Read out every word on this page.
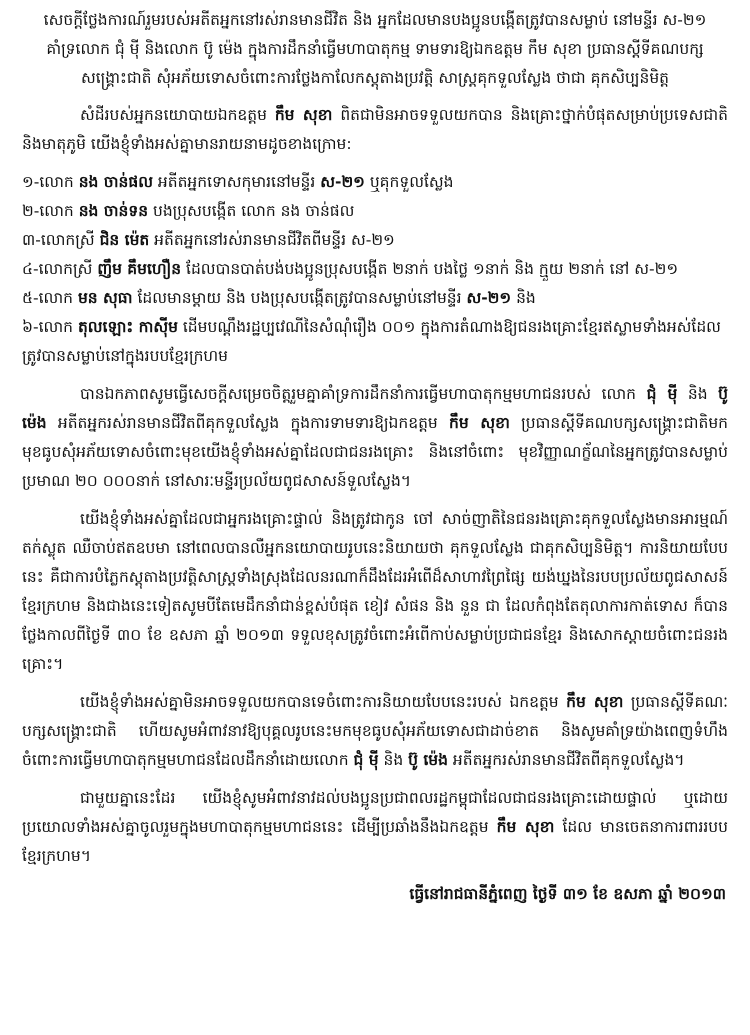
សេចក្តីថ្លែងការណ៍រួមរបស់អតីតអ្នកនៅរស់រានមានជីវិត និង អ្នកដែលមានបងប្អូនបង្កើតត្រូវបានសម្លាប់ នៅមន្ទីរ ស-២១ គាំទ្រលោក ជុំ ម៉ី និងលោក ប៊ូ ម៉េង ក្នុងការដឹកនាំធ្វើមហាបាតុកម្ម ទាមទារឱ្យឯកឧត្តម កឹម សុខា ប្រធានស្តីទីគណបក្សសង្គ្រោះជាតិ សុំអភ័យទោសចំពោះការថ្លែងកាលែកស្តុតាងប្រវត្តិ សាស្ត្រគុកទួលស្លែង ថាជា គុកសិប្បនិមិត្ត

សំដីរបស់អ្នកនយោបាយឯកឧត្តម កឹម សុខា ពិតជាមិនអាចទទួលយកបាន និងគ្រោះថ្នាក់បំផុតសម្រាប់ប្រទេសជាតិ និងមាតុភូមិ យើងខ្ញុំទាំងអស់គ្នាមានរាយនាមដូចខាងក្រោម:

១-លោក នង ចាន់ផល អតីតអ្នកទោសកុមារនៅមន្ទីរ ស-២១ ឬគុកទួលស្លែង

២-លោក នង ចាន់ទន បងប្រុសបង្កើត លោក នង ចាន់ផល

៣-លោកស្រី ជិន ម៉េត អតីតអ្នកនៅរស់រានមានជីវិតពីមន្ទីរ ស-២១

៤-លោកស្រី ញឹម គឹមហឿន ដែលបានបាត់បង់បងប្អូនប្រុសបង្កើត ២នាក់ បងថ្លៃ ១នាក់ និង ក្មួយ ២នាក់ នៅ ស-២១

៥-លោក មន សុធា ដែលមានម្តាយ និង បងប្រុសបង្កើតត្រូវបានសម្លាប់នៅមន្ទីរ ស-២១ និង

៦-លោក តុលឡោះ កាស៊ីម ដើមបណ្តឹងរដ្ឋប្បវេណីនៃសំណុំរឿង ០០១ ក្នុងការតំណាងឱ្យជនរងគ្រោះខ្មែរឥស្លាមទាំងអស់ដែលត្រូវបានសម្លាប់នៅក្នុងរបបខ្មែរក្រហម

បានឯកភាពសូមធ្វើសេចក្តីសម្រេចចិត្តរួមគ្នាគាំទ្រការដឹកនាំការធ្វើមហាបាតុកម្មមហាជនរបស់ លោក ជុំ ម៉ី និង ប៊ូ ម៉េង អតីតអ្នករស់រានមានជីវិតពីគុកទួលស្លែង ក្នុងការទាមទារឱ្យឯកឧត្តម កឹម សុខា ប្រធានស្តីទីគណបក្សសង្គ្រោះជាតិមកមុខធូបសុំអភ័យទោសចំពោះមុខយើងខ្ញុំទាំងអស់គ្នាដែលជាជនរងគ្រោះ និងនៅចំពោះ មុខវិញ្ញាណក្ខ័ណនៃអ្នកត្រូវបានសម្លាប់ប្រមាណ ២០ ០០០នាក់ នៅសារៈមន្ទីរប្រល័យពូជសាសន៍ទួលស្លែង។

យើងខ្ញុំទាំងអស់គ្នាដែលជាអ្នករងគ្រោះផ្ទាល់ និងត្រូវជាកូន ចៅ សាច់ញាតិនៃជនរងគ្រោះគុកទួលស្លែងមានអារម្មណ៍តក់ស្លុត ឈឺចាប់ឥតឧបមា នៅពេលបានលឺអ្នកនយោបាយរូបនេះនិយាយថា គុកទួលស្លែង ជាគុកសិប្បនិមិត្ត។ ការនិយាយបែបនេះ គឺជាការបំភ្លៃកស្តុតាងប្រវត្តិសាស្ត្រទាំងស្រុងដែលនរណាក៏ដឹងដែរអំពើដ៏សាហាវព្រៃផ្សៃ យង់ឃ្នងនៃរបបប្រល័យពូជសាសន៍ខ្មែរក្រហម និងជាងនេះទៀតសូមបីតែមេដឹកនាំជាន់ខ្ពស់បំផុត ខៀវ សំផន និង នួន ជា ដែលកំពុងតែតុលាការកាត់ទោស ក៏បានថ្លែងកាលពីថ្ងៃទី ៣០ ខែ ឧសភា ឆ្នាំ ២០១៣ ទទួលខុសត្រូវចំពោះអំពើកាប់សម្លាប់ប្រជាជនខ្មែរ និងសោកស្តាយចំពោះជនរងគ្រោះ។

យើងខ្ញុំទាំងអស់គ្នាមិនអាចទទួលយកបានទេចំពោះការនិយាយបែបនេះរបស់ ឯកឧត្តម កឹម សុខា ប្រធានស្តីទីគណៈបក្សសង្គ្រោះជាតិ ហើយសូមអំពាវនាវឱ្យបុគ្គលរូបនេះមកមុខធូបសុំអភ័យទោសជាដាច់ខាត និងសូមគាំទ្រយ៉ាងពេញទំហឹងចំពោះការធ្វើមហាបាតុកម្មមហាជនដែលដឹកនាំដោយលោក ជុំ ម៉ី និង ប៊ូ ម៉េង អតីតអ្នករស់រានមានជីវិតពីគុកទួលស្លែង។

ជាមួយគ្នានេះដែរ យើងខ្ញុំសូមអំពាវនាវដល់បងប្អូនប្រជាពលរដ្ឋកម្ពុជាដែលជាជនរងគ្រោះដោយផ្ទាល់ ឬដោយប្រយោលទាំងអស់គ្នាចូលរួមក្នុងមហាបាតុកម្មមហាជននេះ ដើម្បីប្រឆាំងនឹងឯកឧត្តម កឹម សុខា ដែល មានចេតនាការពាររបបខ្មែរក្រហម។

ធ្វើនៅរាជធានីភ្នំពេញ ថ្ងៃទី ៣១ ខែ ឧសភា ឆ្នាំ ២០១៣
